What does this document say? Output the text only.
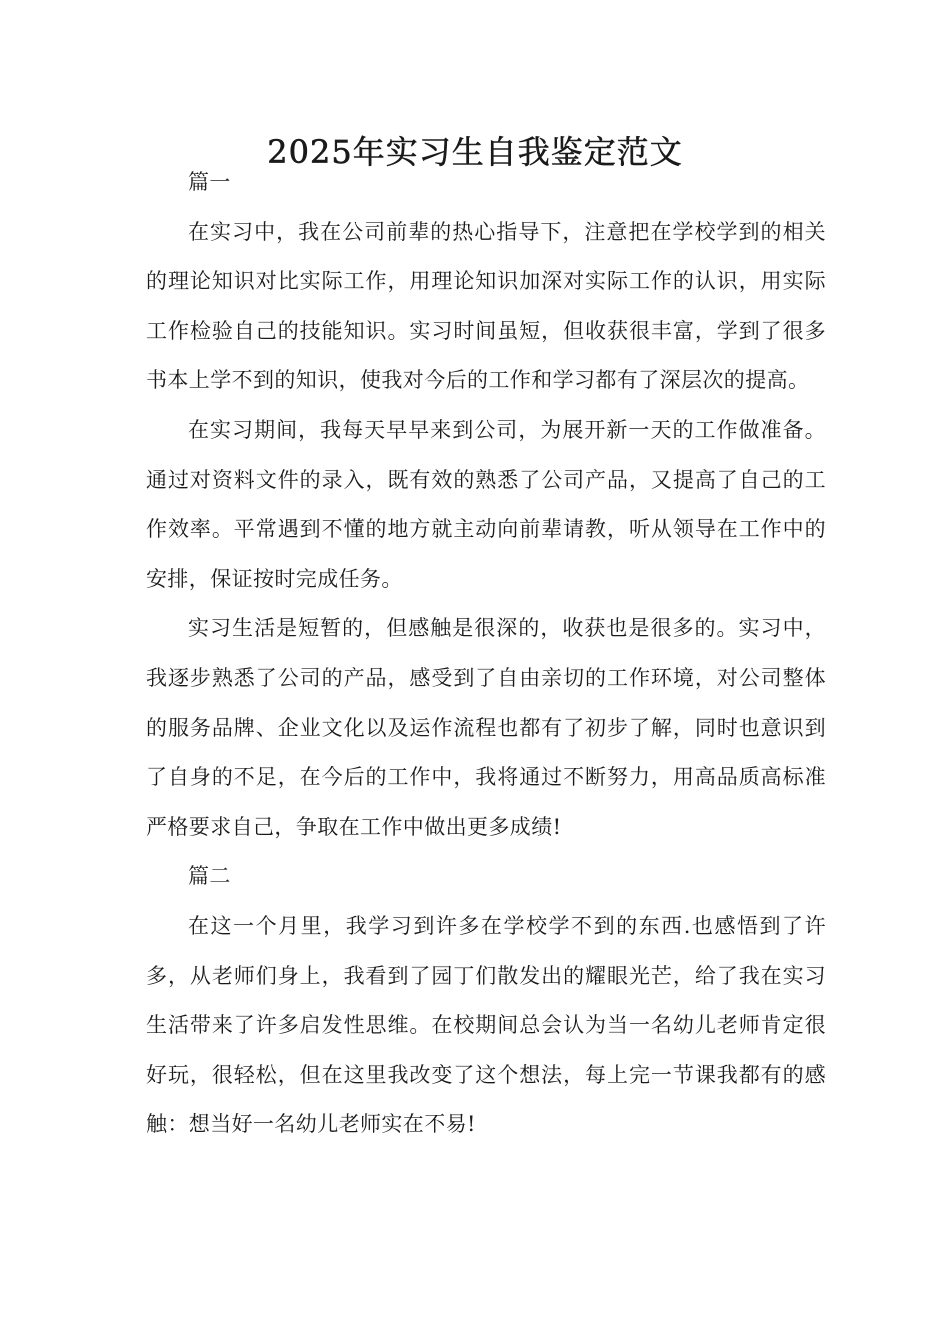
2025年实习生自我鉴定范文

篇一

在实习中，我在公司前辈的热心指导下，注意把在学校学到的相关的理论知识对比实际工作，用理论知识加深对实际工作的认识，用实际工作检验自己的技能知识。实习时间虽短，但收获很丰富，学到了很多书本上学不到的知识，使我对今后的工作和学习都有了深层次的提高。

在实习期间，我每天早早来到公司，为展开新一天的工作做准备。通过对资料文件的录入，既有效的熟悉了公司产品，又提高了自己的工作效率。平常遇到不懂的地方就主动向前辈请教，听从领导在工作中的安排，保证按时完成任务。

实习生活是短暂的，但感触是很深的，收获也是很多的。实习中，我逐步熟悉了公司的产品，感受到了自由亲切的工作环境，对公司整体的服务品牌、企业文化以及运作流程也都有了初步了解，同时也意识到了自身的不足，在今后的工作中，我将通过不断努力，用高品质高标准严格要求自己，争取在工作中做出更多成绩!

篇二

在这一个月里，我学习到许多在学校学不到的东西.也感悟到了许多，从老师们身上，我看到了园丁们散发出的耀眼光芒，给了我在实习生活带来了许多启发性思维。在校期间总会认为当一名幼儿老师肯定很好玩，很轻松，但在这里我改变了这个想法，每上完一节课我都有的感触：想当好一名幼儿老师实在不易!
